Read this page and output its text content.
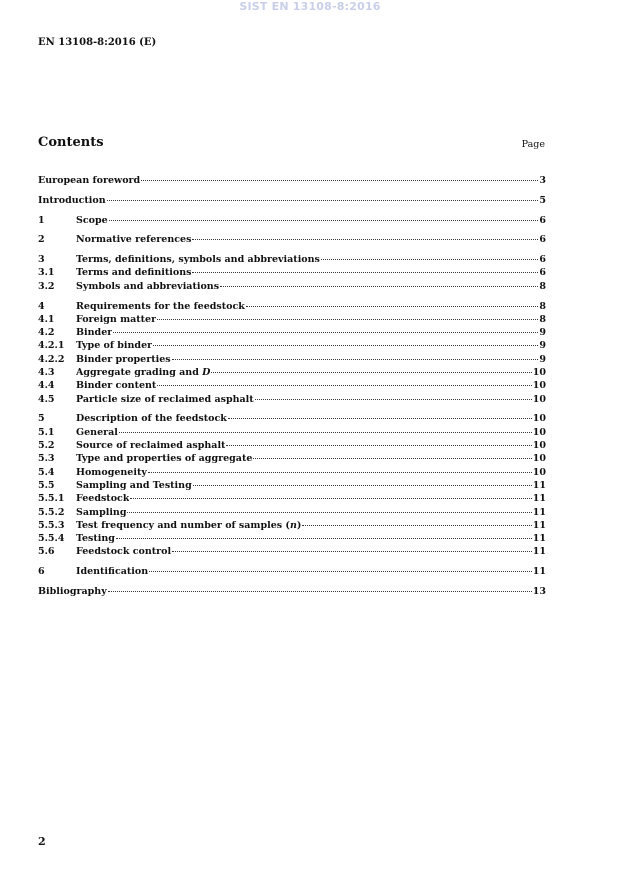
SIST EN 13108-8:2016
EN 13108-8:2016 (E)
Contents	Page
European foreword	3
Introduction	5
1	Scope	6
2	Normative references	6
3	Terms, definitions, symbols and abbreviations	6
3.1	Terms and definitions	6
3.2	Symbols and abbreviations	8
4	Requirements for the feedstock	8
4.1	Foreign matter	8
4.2	Binder	9
4.2.1	Type of binder	9
4.2.2	Binder properties	9
4.3	Aggregate grading and D	10
4.4	Binder content	10
4.5	Particle size of reclaimed asphalt	10
5	Description of the feedstock	10
5.1	General	10
5.2	Source of reclaimed asphalt	10
5.3	Type and properties of aggregate	10
5.4	Homogeneity	10
5.5	Sampling and Testing	11
5.5.1	Feedstock	11
5.5.2	Sampling	11
5.5.3	Test frequency and number of samples (n)	11
5.5.4	Testing	11
5.6	Feedstock control	11
6	Identification	11
Bibliography	13
2
